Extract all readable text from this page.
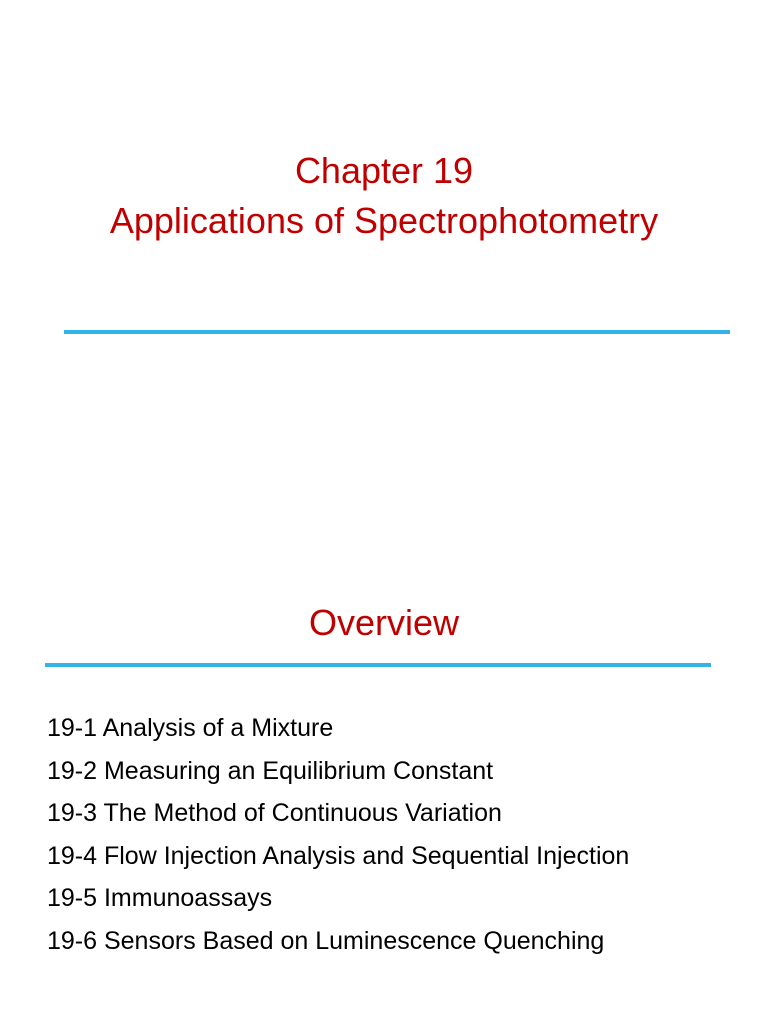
Chapter 19
Applications of Spectrophotometry
Overview
19-1 Analysis of a Mixture
19-2 Measuring an Equilibrium Constant
19-3 The Method of Continuous Variation
19-4 Flow Injection Analysis and Sequential Injection
19-5 Immunoassays
19-6 Sensors Based on Luminescence Quenching
